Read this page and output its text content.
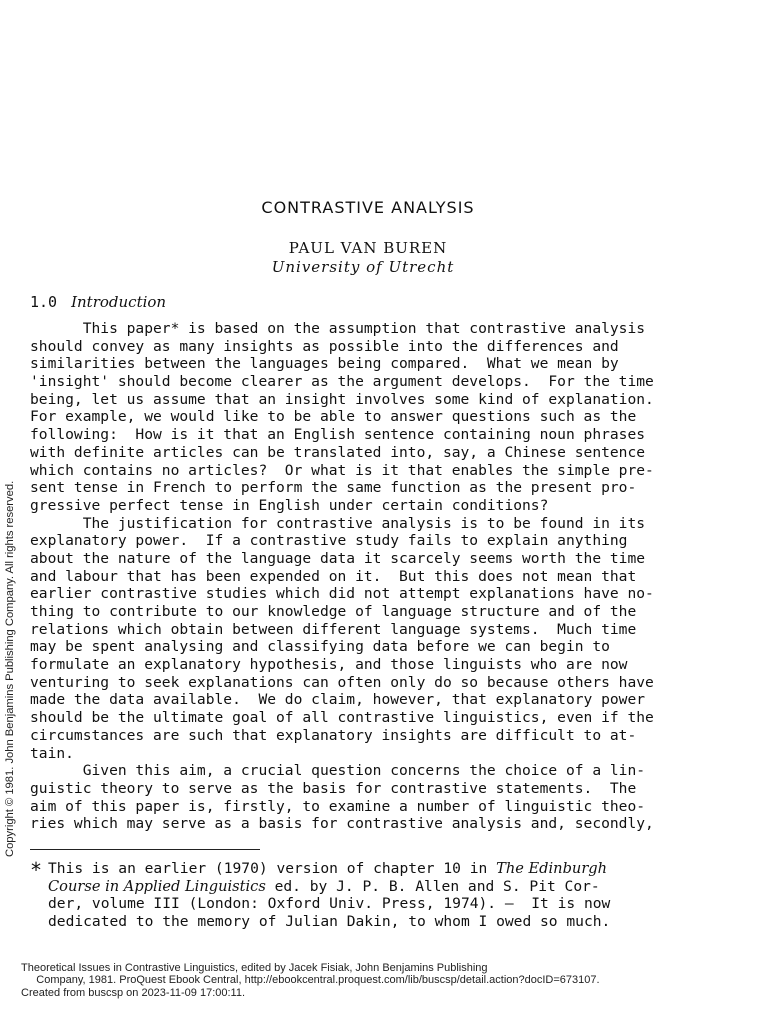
Copyright © 1981. John Benjamins Publishing Company. All rights reserved.
CONTRASTIVE ANALYSIS
PAUL VAN BUREN
University of Utrecht
1.0 Introduction
This paper* is based on the assumption that contrastive analysis
should convey as many insights as possible into the differences and
similarities between the languages being compared.  What we mean by
'insight' should become clearer as the argument develops.  For the time
being, let us assume that an insight involves some kind of explanation.
For example, we would like to be able to answer questions such as the
following:  How is it that an English sentence containing noun phrases
with definite articles can be translated into, say, a Chinese sentence
which contains no articles?  Or what is it that enables the simple pre-
sent tense in French to perform the same function as the present pro-
gressive perfect tense in English under certain conditions?
The justification for contrastive analysis is to be found in its
explanatory power.  If a contrastive study fails to explain anything
about the nature of the language data it scarcely seems worth the time
and labour that has been expended on it.  But this does not mean that
earlier contrastive studies which did not attempt explanations have no-
thing to contribute to our knowledge of language structure and of the
relations which obtain between different language systems.  Much time
may be spent analysing and classifying data before we can begin to
formulate an explanatory hypothesis, and those linguists who are now
venturing to seek explanations can often only do so because others have
made the data available.  We do claim, however, that explanatory power
should be the ultimate goal of all contrastive linguistics, even if the
circumstances are such that explanatory insights are difficult to at-
tain.
Given this aim, a crucial question concerns the choice of a lin-
guistic theory to serve as the basis for contrastive statements.  The
aim of this paper is, firstly, to examine a number of linguistic theo-
ries which may serve as a basis for contrastive analysis and, secondly,
* This is an earlier (1970) version of chapter 10 in The Edinburgh
Course in Applied Linguistics ed. by J. P. B. Allen and S. Pit Cor-
der, volume III (London: Oxford Univ. Press, 1974). —  It is now
dedicated to the memory of Julian Dakin, to whom I owed so much.
Theoretical Issues in Contrastive Linguistics, edited by Jacek Fisiak, John Benjamins Publishing
Company, 1981. ProQuest Ebook Central, http://ebookcentral.proquest.com/lib/buscsp/detail.action?docID=673107.
Created from buscsp on 2023-11-09 17:00:11.
